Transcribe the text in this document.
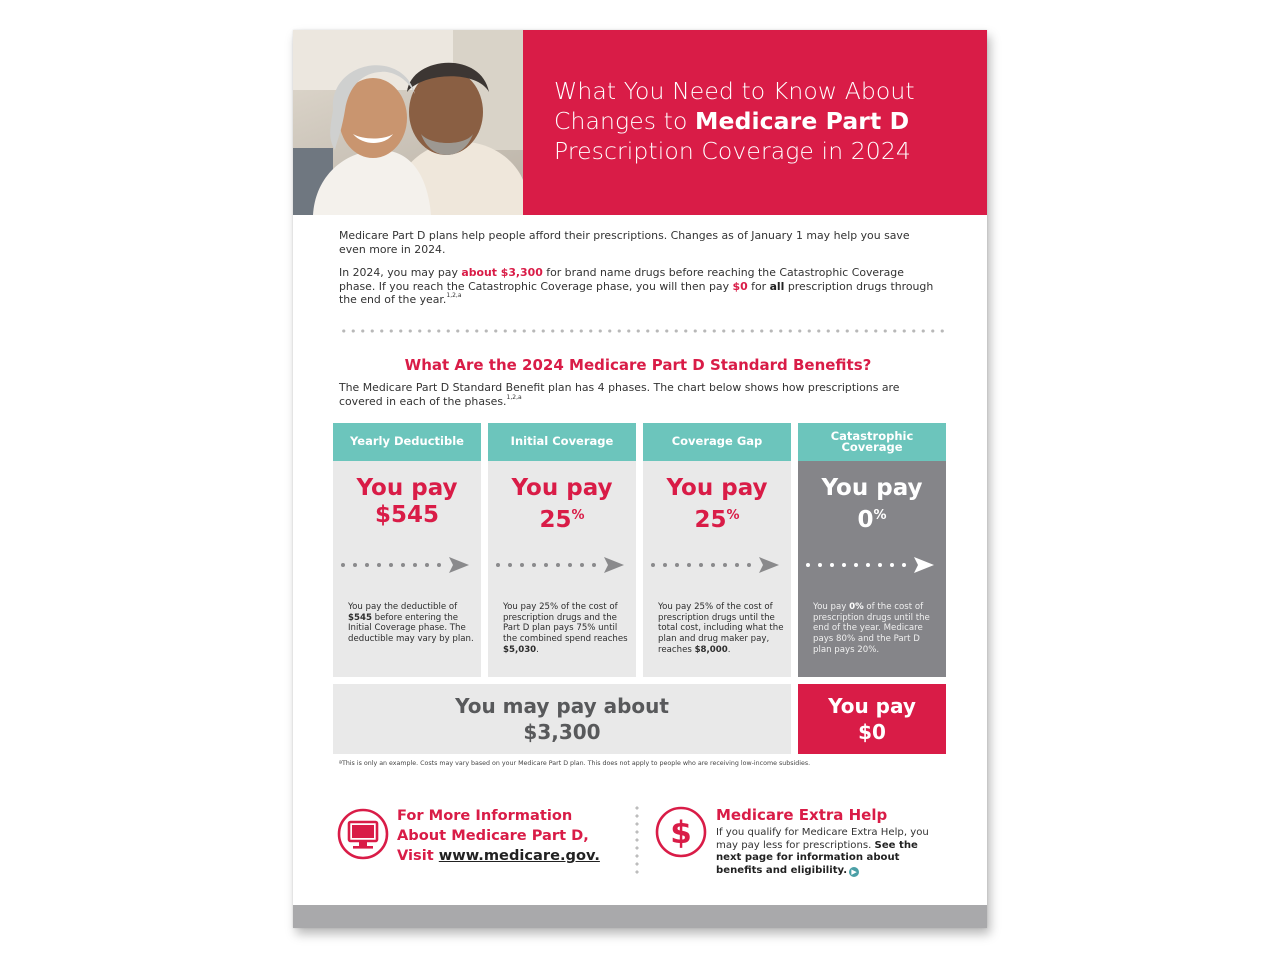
What You Need to Know About
Changes to Medicare Part D
Prescription Coverage in 2024

Medicare Part D plans help people afford their prescriptions. Changes as of January 1 may help you save even more in 2024.

In 2024, you may pay about $3,300 for brand name drugs before reaching the Catastrophic Coverage phase. If you reach the Catastrophic Coverage phase, you will then pay $0 for all prescription drugs through the end of the year.$^{1,2,a}$

What Are the 2024 Medicare Part D Standard Benefits?
The Medicare Part D Standard Benefit plan has 4 phases. The chart below shows how prescriptions are covered in each of the phases.$^{1,2,a}$
Yearly Deductible
You pay
$545
You pay the deductible of $545 before entering the Initial Coverage phase. The deductible may vary by plan.
Initial Coverage
You pay
25%
You pay 25% of the cost of prescription drugs and the Part D plan pays 75% until the combined spend reaches $5,030.
Coverage Gap
You pay
25%
You pay 25% of the cost of prescription drugs until the total cost, including what the plan and drug maker pay, reaches $8,000.
Catastrophic Coverage
You pay
0%
You pay 0% of the cost of prescription drugs until the end of the year. Medicare pays 80% and the Part D plan pays 20%.
You may pay about
$3,300
You pay
$0
ªThis is only an example. Costs may vary based on your Medicare Part D plan. This does not apply to people who are receiving low-income subsidies.
For More Information
About Medicare Part D,
Visit www.medicare.gov.
$ Medicare Extra Help
If you qualify for Medicare Extra Help, you may pay less for prescriptions. See the next page for information about benefits and eligibility. ▶
